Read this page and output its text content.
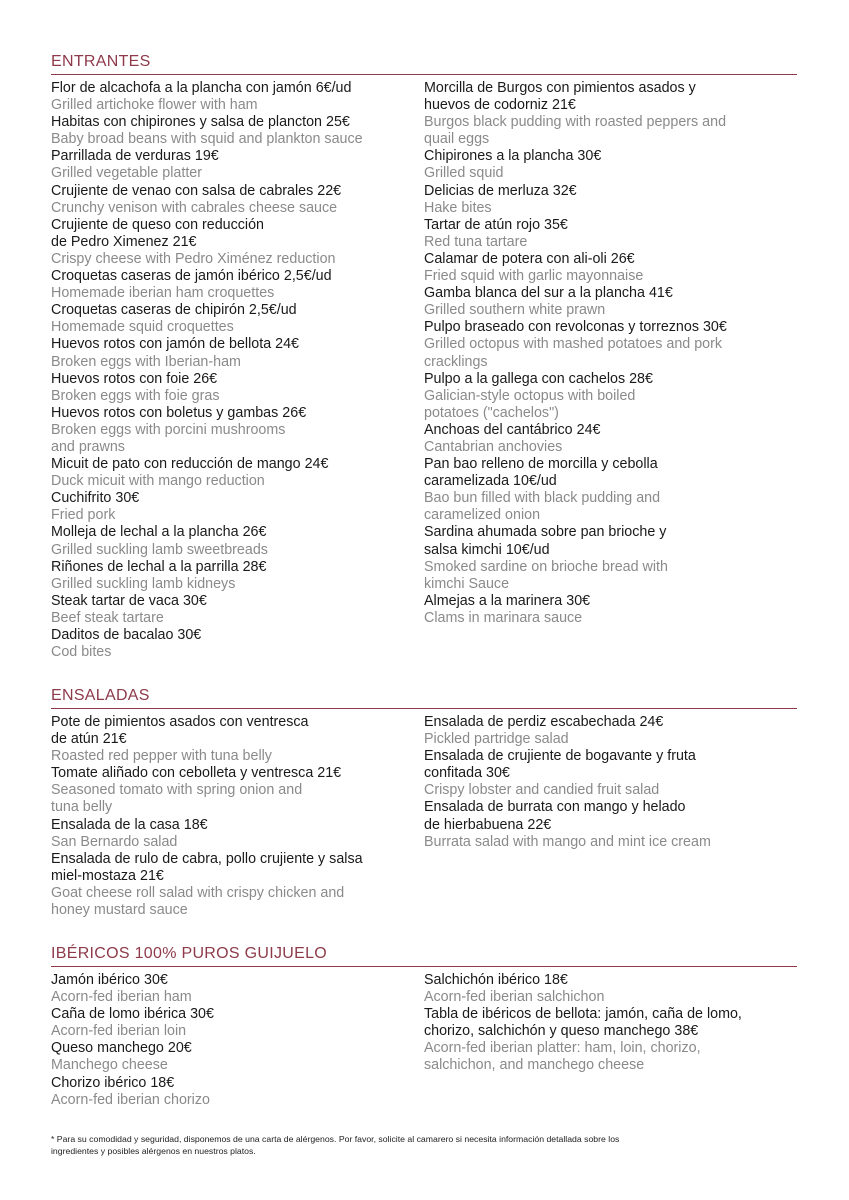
ENTRANTES
Flor de alcachofa a la plancha con jamón 6€/ud
Grilled artichoke flower with ham
Habitas con chipirones y salsa de plancton 25€
Baby broad beans with squid and plankton sauce
Parrillada de verduras 19€
Grilled vegetable platter
Crujiente de venao con salsa de cabrales 22€
Crunchy venison with cabrales cheese sauce
Crujiente de queso con reducción
de Pedro Ximenez 21€
Crispy cheese with Pedro Ximénez reduction
Croquetas caseras de jamón ibérico 2,5€/ud
Homemade iberian ham croquettes
Croquetas caseras de chipirón 2,5€/ud
Homemade squid croquettes
Huevos rotos con jamón de bellota 24€
Broken eggs with Iberian-ham
Huevos rotos con foie 26€
Broken eggs with foie gras
Huevos rotos con boletus y gambas 26€
Broken eggs with porcini mushrooms
and prawns
Micuit de pato con reducción de mango 24€
Duck micuit with mango reduction
Cuchifrito 30€
Fried pork
Molleja de lechal a la plancha 26€
Grilled suckling lamb sweetbreads
Riñones de lechal a la parrilla 28€
Grilled suckling lamb kidneys
Steak tartar de vaca 30€
Beef steak tartare
Daditos de bacalao 30€
Cod bites
Morcilla de Burgos con pimientos asados y
huevos de codorniz 21€
Burgos black pudding with roasted peppers and
quail eggs
Chipirones a la plancha 30€
Grilled squid
Delicias de merluza 32€
Hake bites
Tartar de atún rojo 35€
Red tuna tartare
Calamar de potera con ali-oli 26€
Fried squid with garlic mayonnaise
Gamba blanca del sur a la plancha 41€
Grilled southern white prawn
Pulpo braseado con revolconas y torreznos 30€
Grilled octopus with mashed potatoes and pork
cracklings
Pulpo a la gallega con cachelos 28€
Galician-style octopus with boiled
potatoes ("cachelos")
Anchoas del cantábrico 24€
Cantabrian anchovies
Pan bao relleno de morcilla y cebolla
caramelizada 10€/ud
Bao bun filled with black pudding and
caramelized onion
Sardina ahumada sobre pan brioche y
salsa kimchi 10€/ud
Smoked sardine on brioche bread with
kimchi Sauce
Almejas a la marinera 30€
Clams in marinara sauce
ENSALADAS
Pote de pimientos asados con ventresca
de atún 21€
Roasted red pepper with tuna belly
Tomate aliñado con cebolleta y ventresca 21€
Seasoned tomato with spring onion and
tuna belly
Ensalada de la casa 18€
San Bernardo salad
Ensalada de rulo de cabra, pollo crujiente y salsa
miel-mostaza 21€
Goat cheese roll salad with crispy chicken and
honey mustard sauce
Ensalada de perdiz escabechada 24€
Pickled partridge salad
Ensalada de crujiente de bogavante y fruta
confitada 30€
Crispy lobster and candied fruit salad
Ensalada de burrata con mango y helado
de hierbabuena 22€
Burrata salad with mango and mint ice cream
IBÉRICOS 100% PUROS GUIJUELO
Jamón ibérico 30€
Acorn-fed iberian ham
Caña de lomo ibérica 30€
Acorn-fed iberian loin
Queso manchego 20€
Manchego cheese
Chorizo ibérico 18€
Acorn-fed iberian chorizo
Salchichón ibérico 18€
Acorn-fed iberian salchichon
Tabla de ibéricos de bellota: jamón, caña de lomo,
chorizo, salchichón y queso manchego 38€
Acorn-fed iberian platter: ham, loin, chorizo,
salchichon, and manchego cheese

* Para su comodidad y seguridad, disponemos de una carta de alérgenos. Por favor, solicite al camarero si necesita información detallada sobre los
ingredientes y posibles alérgenos en nuestros platos.
